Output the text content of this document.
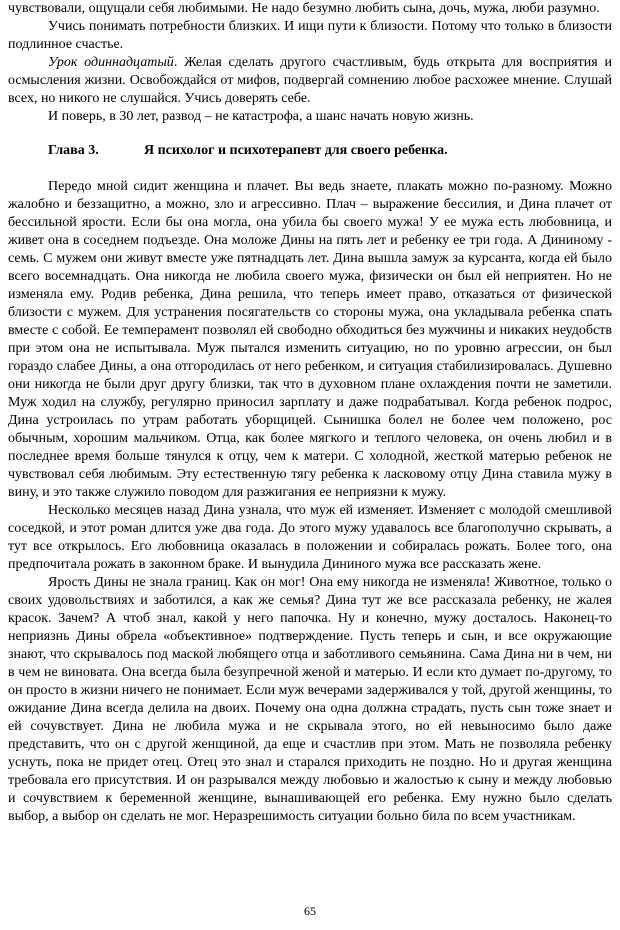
чувствовали, ощущали себя любимыми. Не надо безумно любить сына, дочь, мужа, люби разумно.

Учись понимать потребности близких. И ищи пути к близости. Потому что только в близости подлинное счастье.

Урок одиннадцатый. Желая сделать другого счастливым, будь открыта для восприятия и осмысления жизни. Освобождайся от мифов, подвергай сомнению любое расхожее мнение. Слушай всех, но никого не слушайся. Учись доверять себе.

И поверь, в 30 лет, развод – не катастрофа, а шанс начать новую жизнь.

Глава 3.	Я психолог и психотерапевт для своего ребенка.

Передо мной сидит женщина и плачет. Вы ведь знаете, плакать можно по-разному. Можно жалобно и беззащитно, а можно, зло и агрессивно. Плач – выражение бессилия, и Дина плачет от бессильной ярости. Если бы она могла, она убила бы своего мужа! У ее мужа есть любовница, и живет она в соседнем подъезде. Она моложе Дины на пять лет и ребенку ее три года. А Дининому - семь. С мужем они живут вместе уже пятнадцать лет. Дина вышла замуж за курсанта, когда ей было всего восемнадцать. Она никогда не любила своего мужа, физически он был ей неприятен. Но не изменяла ему. Родив ребенка, Дина решила, что теперь имеет право, отказаться от физической близости с мужем. Для устранения посягательств со стороны мужа, она укладывала ребенка спать вместе с собой. Ее темперамент позволял ей свободно обходиться без мужчины и никаких неудобств при этом она не испытывала. Муж пытался изменить ситуацию, но по уровню агрессии, он был гораздо слабее Дины, а она отгородилась от него ребенком, и ситуация стабилизировалась. Душевно они никогда не были друг другу близки, так что в духовном плане охлаждения почти не заметили. Муж ходил на службу, регулярно приносил зарплату и даже подрабатывал. Когда ребенок подрос, Дина устроилась по утрам работать уборщицей. Сынишка болел не более чем положено, рос обычным, хорошим мальчиком. Отца, как более мягкого и теплого человека, он очень любил и в последнее время больше тянулся к отцу, чем к матери. С холодной, жесткой матерью ребенок не чувствовал себя любимым. Эту естественную тягу ребенка к ласковому отцу Дина ставила мужу в вину, и это также служило поводом для разжигания ее неприязни к мужу.

Несколько месяцев назад Дина узнала, что муж ей изменяет. Изменяет с молодой смешливой соседкой, и этот роман длится уже два года. До этого мужу удавалось все благополучно скрывать, а тут все открылось. Его любовница оказалась в положении и собиралась рожать. Более того, она предпочитала рожать в законном браке. И вынудила Дининого мужа все рассказать жене.

Ярость Дины не знала границ. Как он мог! Она ему никогда не изменяла! Животное, только о своих удовольствиях и заботился, а как же семья? Дина тут же все рассказала ребенку, не жалея красок. Зачем? А чтоб знал, какой у него папочка. Ну и конечно, мужу досталось. Наконец-то неприязнь Дины обрела «объективное» подтверждение. Пусть теперь и сын, и все окружающие знают, что скрывалось под маской любящего отца и заботливого семьянина. Сама Дина ни в чем, ни в чем не виновата. Она всегда была безупречной женой и матерью. И если кто думает по-другому, то он просто в жизни ничего не понимает. Если муж вечерами задерживался у той, другой женщины, то ожидание Дина всегда делила на двоих. Почему она одна должна страдать, пусть сын тоже знает и ей сочувствует. Дина не любила мужа и не скрывала этого, но ей невыносимо было даже представить, что он с другой женщиной, да еще и счастлив при этом. Мать не позволяла ребенку уснуть, пока не придет отец. Отец это знал и старался приходить не поздно. Но и другая женщина требовала его присутствия. И он разрывался между любовью и жалостью к сыну и между любовью и сочувствием к беременной женщине, вынашивающей его ребенка. Ему нужно было сделать выбор, а выбор он сделать не мог. Неразрешимость ситуации больно била по всем участникам.

65
